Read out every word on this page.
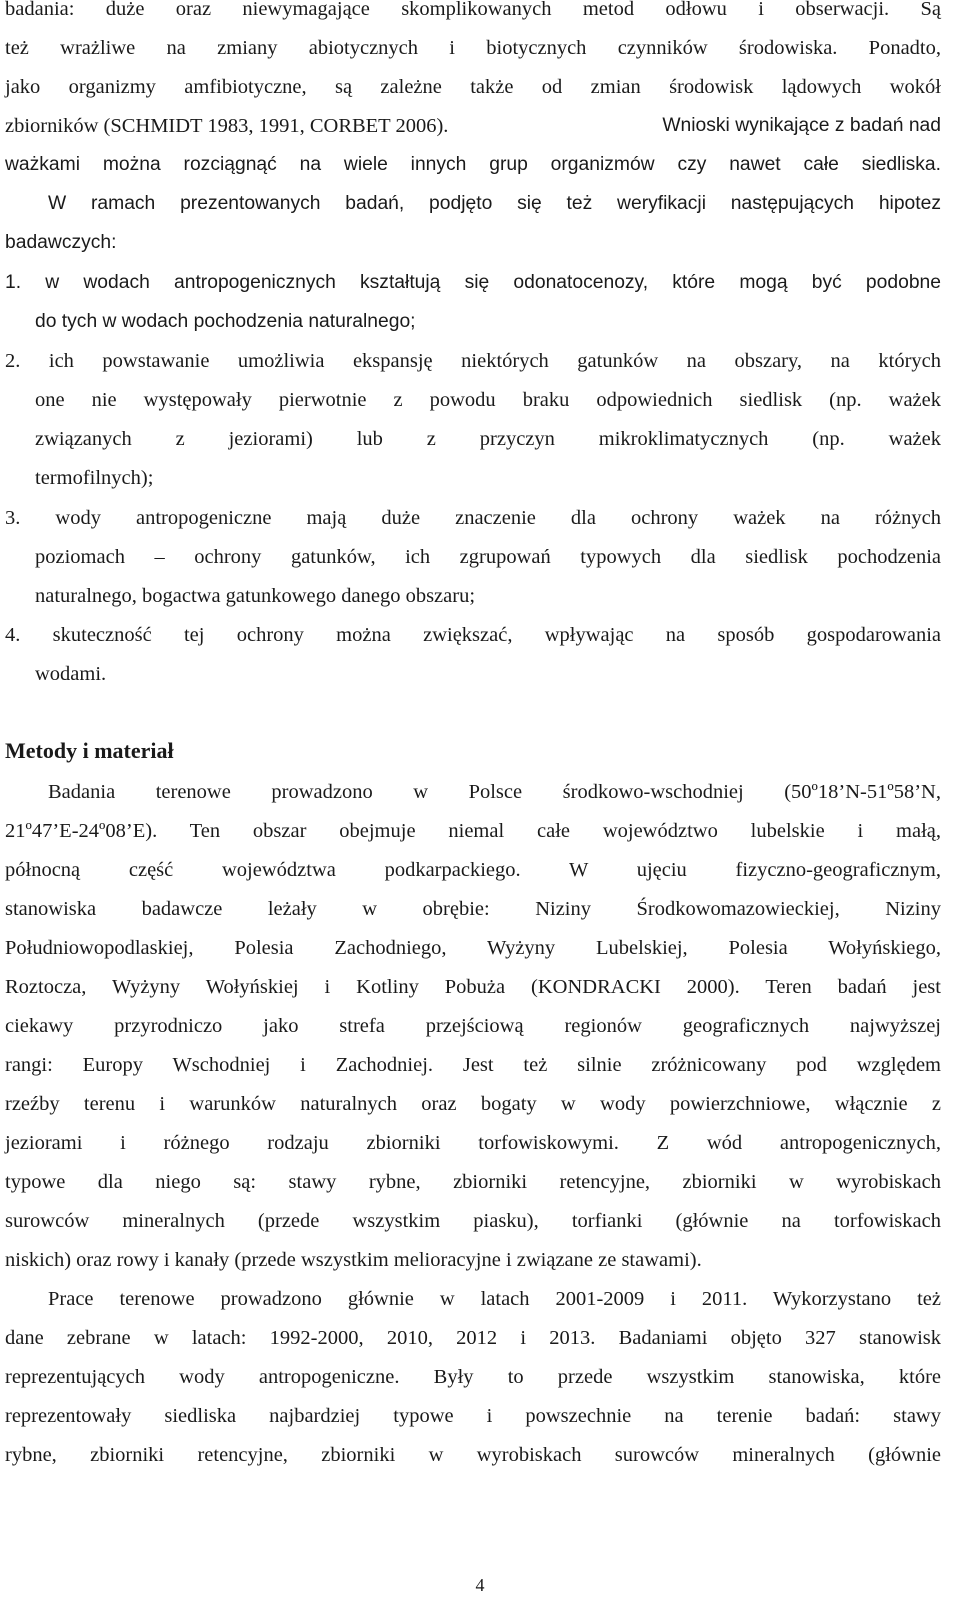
badania: duże oraz niewymagające skomplikowanych metod odłowu i obserwacji. Są
też wrażliwe na zmiany abiotycznych i biotycznych czynników środowiska. Ponadto,
jako organizmy amfibiotyczne, są zależne także od zmian środowisk lądowych wokół
zbiorników (SCHMIDT 1983, 1991, CORBET 2006).	Wnioski wynikające z badań nad
ważkami można rozciągnąć na wiele innych grup organizmów czy nawet całe siedliska.
W ramach prezentowanych badań, podjęto się też weryfikacji następujących hipotez
badawczych:
1. w wodach antropogenicznych kształtują się odonatocenozy, które mogą być podobne
do tych w wodach pochodzenia naturalnego;
2. ich powstawanie umożliwia ekspansję niektórych gatunków na obszary, na których
one nie występowały pierwotnie z powodu braku odpowiednich siedlisk (np. ważek
związanych z jeziorami) lub z przyczyn mikroklimatycznych (np. ważek
termofilnych);
3. wody antropogeniczne mają duże znaczenie dla ochrony ważek na różnych
poziomach – ochrony gatunków, ich zgrupowań typowych dla siedlisk pochodzenia
naturalnego, bogactwa gatunkowego danego obszaru;
4. skuteczność tej ochrony można zwiększać, wpływając na sposób gospodarowania
wodami.
Metody i materiał
Badania terenowe prowadzono w Polsce środkowo-wschodniej (50º18’N-51º58’N,
21º47’E-24º08’E). Ten obszar obejmuje niemal całe województwo lubelskie i małą,
północną część województwa podkarpackiego. W ujęciu fizyczno-geograficznym,
stanowiska badawcze leżały w obrębie: Niziny Środkowomazowieckiej, Niziny
Południowopodlaskiej, Polesia Zachodniego, Wyżyny Lubelskiej, Polesia Wołyńskiego,
Roztocza, Wyżyny Wołyńskiej i Kotliny Pobuża (KONDRACKI 2000). Teren badań jest
ciekawy przyrodniczo jako strefa przejściową regionów geograficznych najwyższej
rangi: Europy Wschodniej i Zachodniej. Jest też silnie zróżnicowany pod względem
rzeźby terenu i warunków naturalnych oraz bogaty w wody powierzchniowe, włącznie z
jeziorami i różnego rodzaju zbiorniki torfowiskowymi. Z wód antropogenicznych,
typowe dla niego są: stawy rybne, zbiorniki retencyjne, zbiorniki w wyrobiskach
surowców mineralnych (przede wszystkim piasku), torfianki (głównie na torfowiskach
niskich) oraz rowy i kanały (przede wszystkim melioracyjne i związane ze stawami).
Prace terenowe prowadzono głównie w latach 2001-2009 i 2011. Wykorzystano też
dane zebrane w latach: 1992-2000, 2010, 2012 i 2013. Badaniami objęto 327 stanowisk
reprezentujących wody antropogeniczne. Były to przede wszystkim stanowiska, które
reprezentowały siedliska najbardziej typowe i powszechnie na terenie badań: stawy
rybne, zbiorniki retencyjne, zbiorniki w wyrobiskach surowców mineralnych (głównie
4
